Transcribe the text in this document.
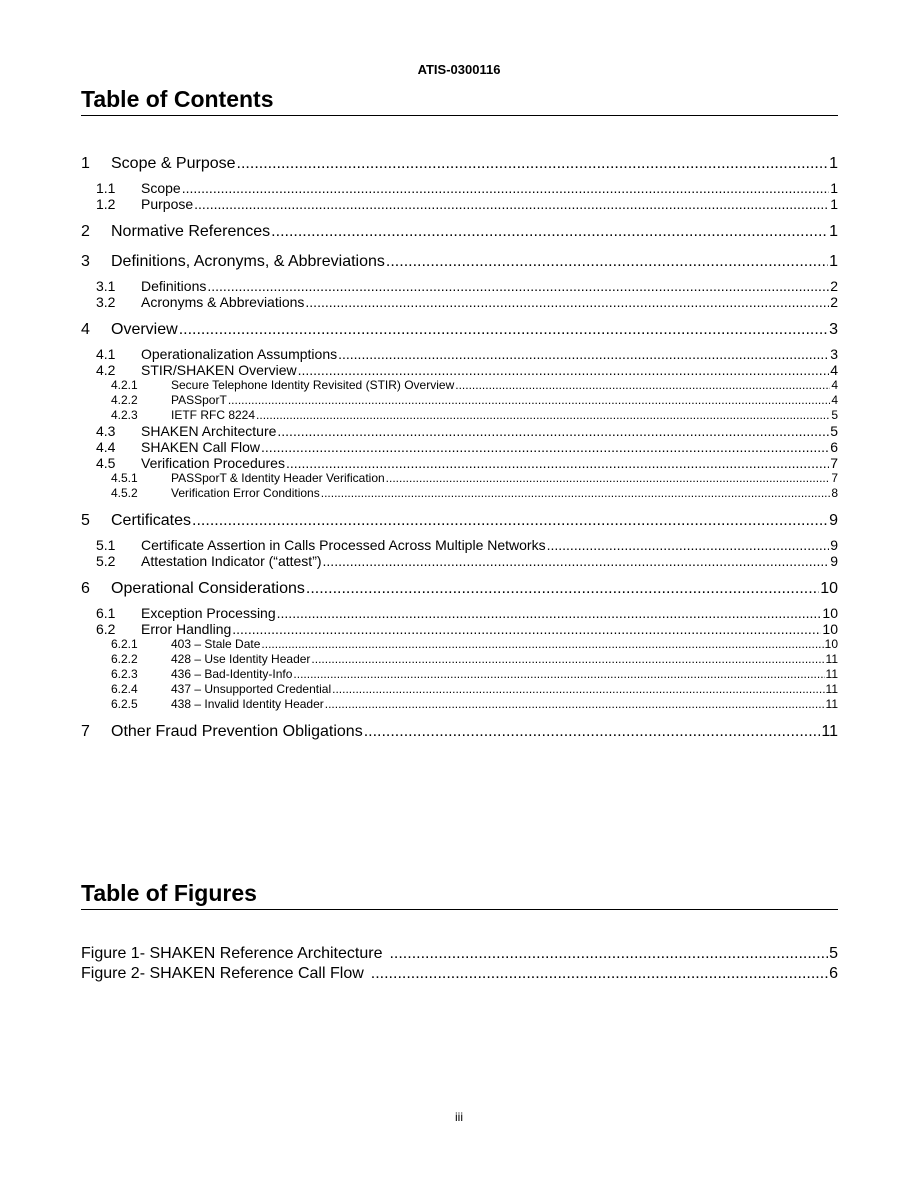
ATIS-0300116
Table of Contents
1	Scope & Purpose .....	1
1.1	Scope .....	1
1.2	Purpose .....	1
2	Normative References .....	1
3	Definitions, Acronyms, & Abbreviations .....	1
3.1	Definitions .....	2
3.2	Acronyms & Abbreviations .....	2
4	Overview .....	3
4.1	Operationalization Assumptions .....	3
4.2	STIR/SHAKEN Overview .....	4
4.2.1	Secure Telephone Identity Revisited (STIR) Overview .....	4
4.2.2	PASSporT .....	4
4.2.3	IETF RFC 8224 .....	5
4.3	SHAKEN Architecture .....	5
4.4	SHAKEN Call Flow .....	6
4.5	Verification Procedures .....	7
4.5.1	PASSporT & Identity Header Verification .....	7
4.5.2	Verification Error Conditions .....	8
5	Certificates .....	9
5.1	Certificate Assertion in Calls Processed Across Multiple Networks .....	9
5.2	Attestation Indicator (“attest”) .....	9
6	Operational Considerations .....	10
6.1	Exception Processing .....	10
6.2	Error Handling .....	10
6.2.1	403 – Stale Date .....	10
6.2.2	428 – Use Identity Header .....	11
6.2.3	436 – Bad-Identity-Info .....	11
6.2.4	437 – Unsupported Credential .....	11
6.2.5	438 – Invalid Identity Header .....	11
7	Other Fraud Prevention Obligations .....	11
Table of Figures
Figure 1- SHAKEN Reference Architecture .....	5
Figure 2- SHAKEN Reference Call Flow .....	6
iii
